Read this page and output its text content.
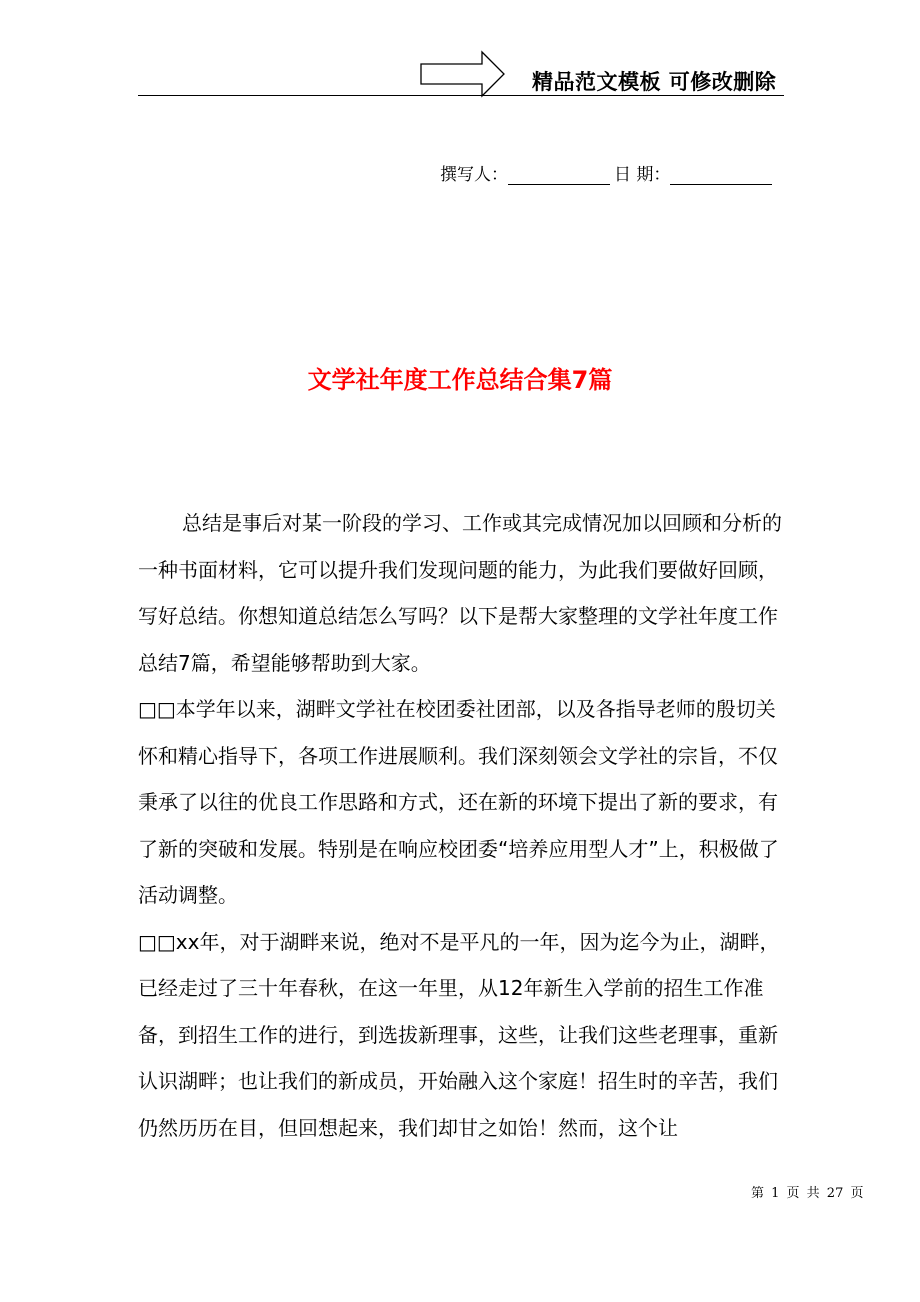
精品范文模板 可修改删除
撰写人：	日 期：
文学社年度工作总结合集7篇

总结是事后对某一阶段的学习、工作或其完成情况加以回顾和分析的一种书面材料，它可以提升我们发现问题的能力，为此我们要做好回顾，写好总结。你想知道总结怎么写吗？以下是帮大家整理的文学社年度工作总结7篇，希望能够帮助到大家。

□□本学年以来，湖畔文学社在校团委社团部，以及各指导老师的殷切关怀和精心指导下，各项工作进展顺利。我们深刻领会文学社的宗旨，不仅秉承了以往的优良工作思路和方式，还在新的环境下提出了新的要求，有了新的突破和发展。特别是在响应校团委“培养应用型人才”上，积极做了活动调整。

□□xx年，对于湖畔来说，绝对不是平凡的一年，因为迄今为止，湖畔，已经走过了三十年春秋，在这一年里，从12年新生入学前的招生工作准备，到招生工作的进行，到选拔新理事，这些，让我们这些老理事，重新认识湖畔；也让我们的新成员，开始融入这个家庭！招生时的辛苦，我们仍然历历在目，但回想起来，我们却甘之如饴！然而，这个让

第 1 页 共 27 页
